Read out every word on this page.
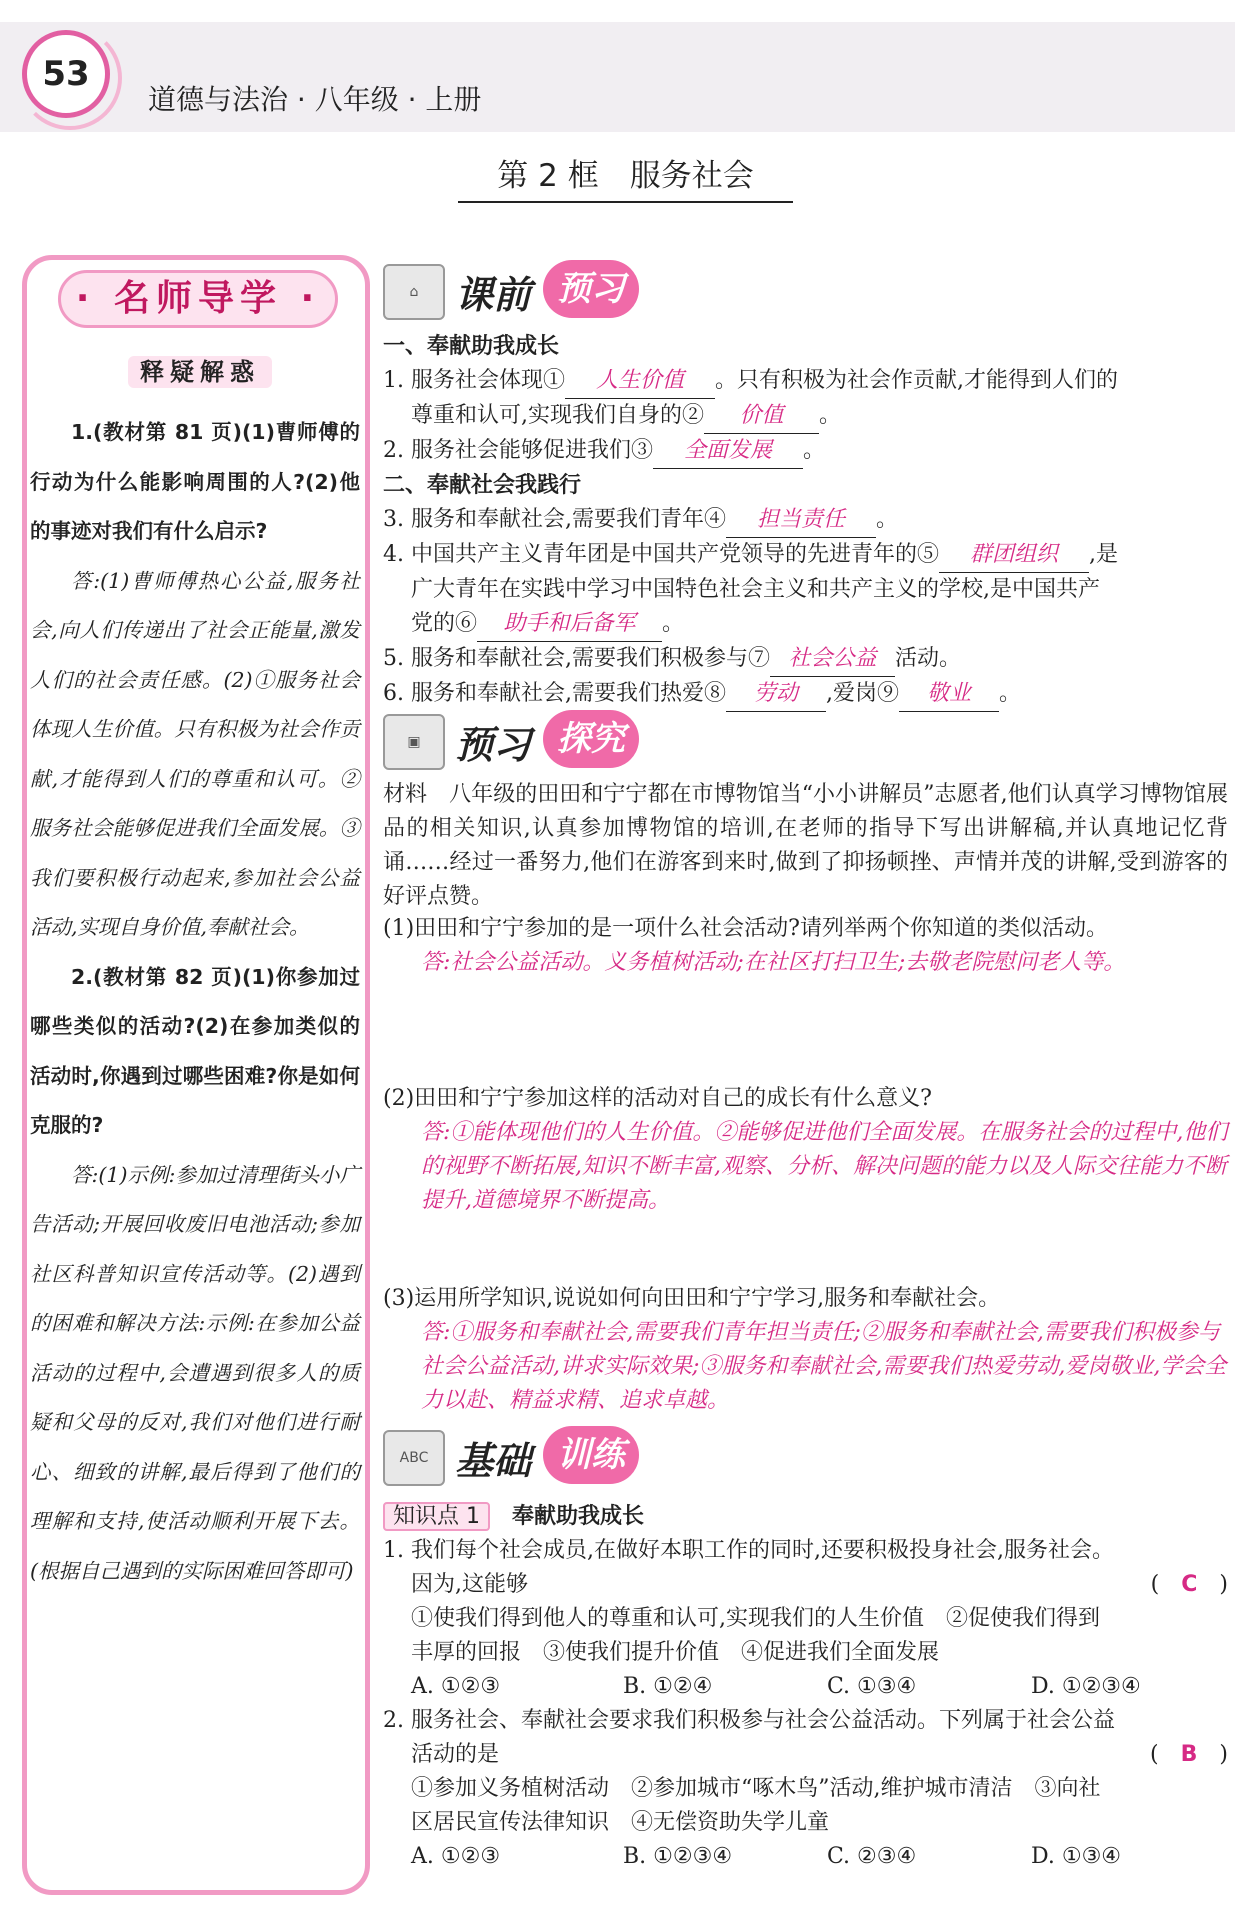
53
道德与法治 · 八年级 · 上册
第 2 框　服务社会
· 名师导学 ·
释疑解惑

1.(教材第 81 页)(1)曹师傅的行动为什么能影响周围的人?(2)他的事迹对我们有什么启示?

答:(1)曹师傅热心公益,服务社会,向人们传递出了社会正能量,激发人们的社会责任感。(2)①服务社会体现人生价值。只有积极为社会作贡献,才能得到人们的尊重和认可。②服务社会能够促进我们全面发展。③我们要积极行动起来,参加社会公益活动,实现自身价值,奉献社会。

2.(教材第 82 页)(1)你参加过哪些类似的活动?(2)在参加类似的活动时,你遇到过哪些困难?你是如何克服的?

答:(1)示例:参加过清理街头小广告活动;开展回收废旧电池活动;参加社区科普知识宣传活动等。(2)遇到的困难和解决方法:示例:在参加公益活动的过程中,会遭遇到很多人的质疑和父母的反对,我们对他们进行耐心、细致的讲解,最后得到了他们的理解和支持,使活动顺利开展下去。(根据自己遇到的实际困难回答即可)

⌂ 课前 预习
一、奉献助我成长
1. 服务社会体现① 人生价值 。只有积极为社会作贡献,才能得到人们的
尊重和认可,实现我们自身的② 价值 。
2. 服务社会能够促进我们③ 全面发展 。
二、奉献社会我践行
3. 服务和奉献社会,需要我们青年④ 担当责任 。
4. 中国共产主义青年团是中国共产党领导的先进青年的⑤ 群团组织 ,是
广大青年在实践中学习中国特色社会主义和共产主义的学校,是中国共产
党的⑥ 助手和后备军 。
5. 服务和奉献社会,需要我们积极参与⑦ 社会公益 活动。
6. 服务和奉献社会,需要我们热爱⑧ 劳动 ,爱岗⑨ 敬业 。
▣ 预习 探究
材料　八年级的田田和宁宁都在市博物馆当“小小讲解员”志愿者,他们认真学习博物馆展品的相关知识,认真参加博物馆的培训,在老师的指导下写出讲解稿,并认真地记忆背诵……经过一番努力,他们在游客到来时,做到了抑扬顿挫、声情并茂的讲解,受到游客的好评点赞。
(1)田田和宁宁参加的是一项什么社会活动?请列举两个你知道的类似活动。
答:社会公益活动。义务植树活动;在社区打扫卫生;去敬老院慰问老人等。
(2)田田和宁宁参加这样的活动对自己的成长有什么意义?
答:①能体现他们的人生价值。②能够促进他们全面发展。在服务社会的过程中,他们的视野不断拓展,知识不断丰富,观察、分析、解决问题的能力以及人际交往能力不断提升,道德境界不断提高。
(3)运用所学知识,说说如何向田田和宁宁学习,服务和奉献社会。
答:①服务和奉献社会,需要我们青年担当责任;②服务和奉献社会,需要我们积极参与社会公益活动,讲求实际效果;③服务和奉献社会,需要我们热爱劳动,爱岗敬业,学会全力以赴、精益求精、追求卓越。
ABC 基础 训练
知识点 1　 奉献助我成长
1. 我们每个社会成员,在做好本职工作的同时,还要积极投身社会,服务社会。
因为,这能够	(　C　)
①使我们得到他人的尊重和认可,实现我们的人生价值　②促使我们得到
丰厚的回报　③使我们提升价值　④促进我们全面发展
A. ①②③	B. ①②④	C. ①③④	D. ①②③④
2. 服务社会、奉献社会要求我们积极参与社会公益活动。下列属于社会公益
活动的是	(　B　)
①参加义务植树活动　②参加城市“啄木鸟”活动,维护城市清洁　③向社
区居民宣传法律知识　④无偿资助失学儿童
A. ①②③	B. ①②③④	C. ②③④	D. ①③④
